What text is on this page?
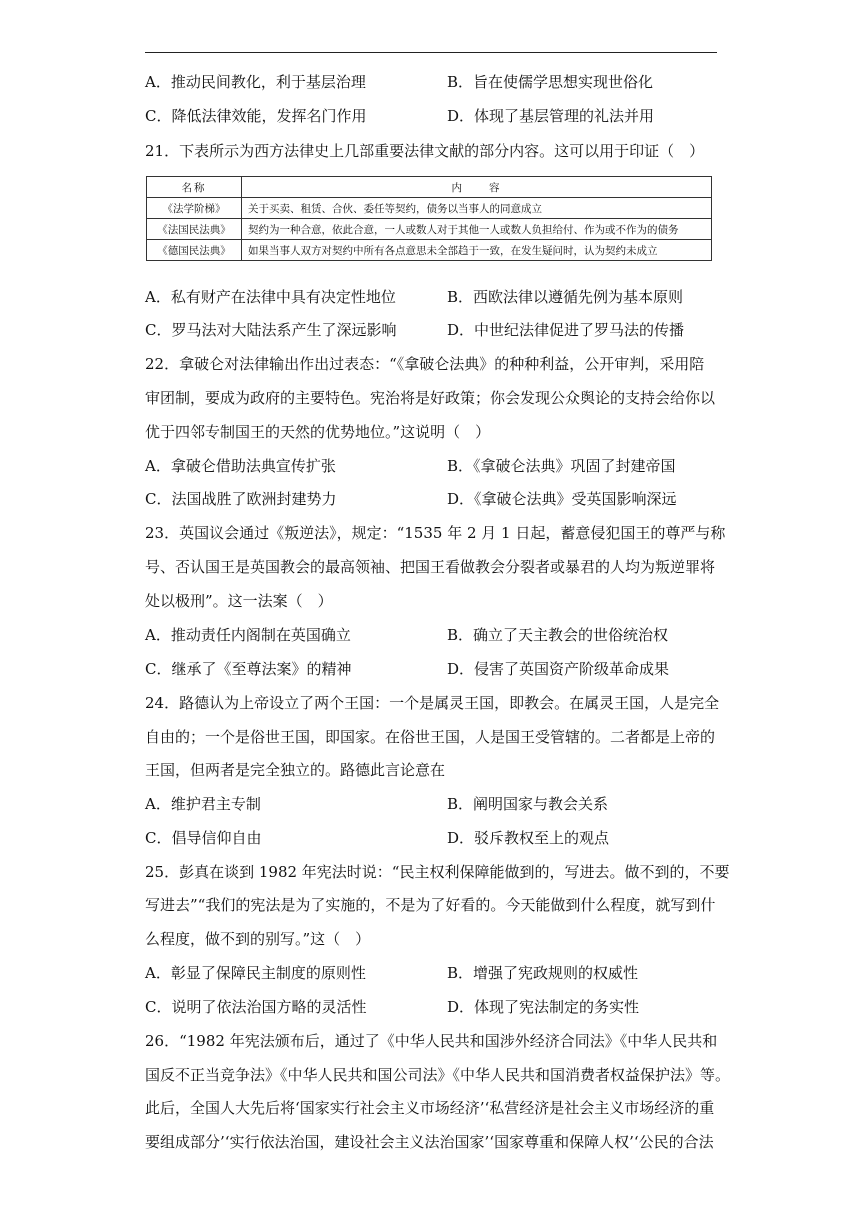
A．推动民间教化，利于基层治理	B．旨在使儒学思想实现世俗化
C．降低法律效能，发挥名门作用	D．体现了基层管理的礼法并用
21．下表所示为西方法律史上几部重要法律文献的部分内容。这可以用于印证（　）
名称	内　　容
《法学阶梯》	关于买卖、租赁、合伙、委任等契约，债务以当事人的同意成立
《法国民法典》	契约为一种合意，依此合意，一人或数人对于其他一人或数人负担给付、作为或不作为的债务
《德国民法典》	如果当事人双方对契约中所有各点意思未全部趋于一致，在发生疑问时，认为契约未成立
A．私有财产在法律中具有决定性地位	B．西欧法律以遵循先例为基本原则
C．罗马法对大陆法系产生了深远影响	D．中世纪法律促进了罗马法的传播
22．拿破仑对法律输出作出过表态：“《拿破仑法典》的种种利益，公开审判，采用陪
审团制，要成为政府的主要特色。宪治将是好政策；你会发现公众舆论的支持会给你以
优于四邻专制国王的天然的优势地位。”这说明（　）
A．拿破仑借助法典宣传扩张	B．《拿破仑法典》巩固了封建帝国
C．法国战胜了欧洲封建势力	D．《拿破仑法典》受英国影响深远
23．英国议会通过《叛逆法》，规定：“1535 年 2 月 1 日起，蓄意侵犯国王的尊严与称
号、否认国王是英国教会的最高领袖、把国王看做教会分裂者或暴君的人均为叛逆罪将
处以极刑”。这一法案（　）
A．推动责任内阁制在英国确立	B．确立了天主教会的世俗统治权
C．继承了《至尊法案》的精神	D．侵害了英国资产阶级革命成果
24．路德认为上帝设立了两个王国：一个是属灵王国，即教会。在属灵王国，人是完全
自由的；一个是俗世王国，即国家。在俗世王国，人是国王受管辖的。二者都是上帝的
王国，但两者是完全独立的。路德此言论意在
A．维护君主专制	B．阐明国家与教会关系
C．倡导信仰自由	D．驳斥教权至上的观点
25．彭真在谈到 1982 年宪法时说：“民主权利保障能做到的，写进去。做不到的，不要
写进去”“我们的宪法是为了实施的，不是为了好看的。今天能做到什么程度，就写到什
么程度，做不到的别写。”这（　）
A．彰显了保障民主制度的原则性	B．增强了宪政规则的权威性
C．说明了依法治国方略的灵活性	D．体现了宪法制定的务实性
26．“1982 年宪法颁布后，通过了《中华人民共和国涉外经济合同法》《中华人民共和
国反不正当竞争法》《中华人民共和国公司法》《中华人民共和国消费者权益保护法》等。
此后，全国人大先后将‘国家实行社会主义市场经济’‘私营经济是社会主义市场经济的重
要组成部分’‘实行依法治国，建设社会主义法治国家’‘国家尊重和保障人权’‘公民的合法
